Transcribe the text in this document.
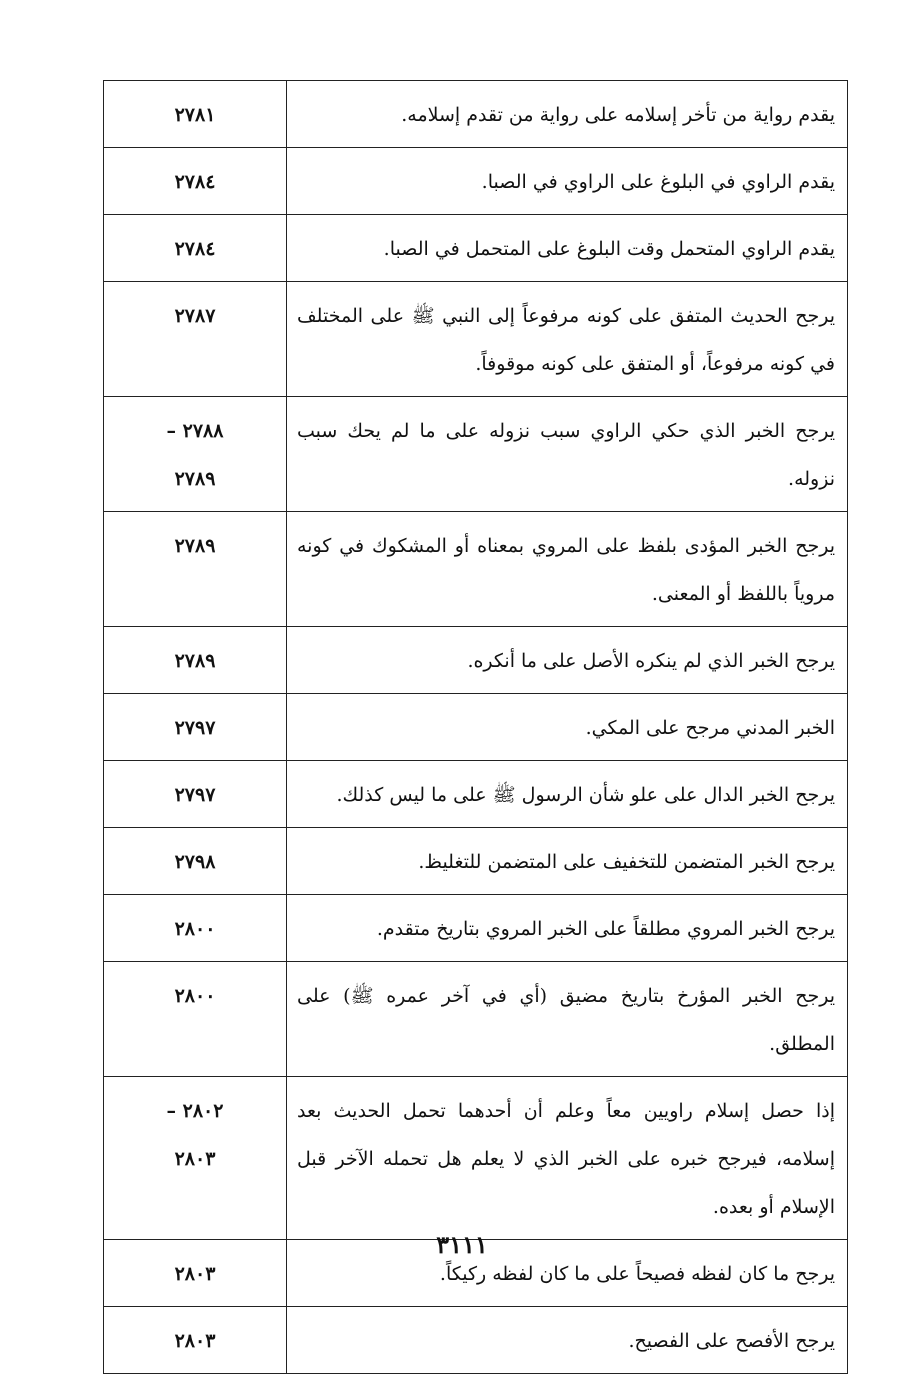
يقدم رواية من تأخر إسلامه على رواية من تقدم إسلامه.	٢٧٨١
يقدم الراوي في البلوغ على الراوي في الصبا.	٢٧٨٤
يقدم الراوي المتحمل وقت البلوغ على المتحمل في الصبا.	٢٧٨٤
يرجح الحديث المتفق على كونه مرفوعاً إلى النبي ﷺ على المختلف في كونه مرفوعاً، أو المتفق على كونه موقوفاً.	٢٧٨٧
يرجح الخبر الذي حكي الراوي سبب نزوله على ما لم يحك سبب نزوله.	٢٧٨٨ –
٢٧٨٩
يرجح الخبر المؤدى بلفظ على المروي بمعناه أو المشكوك في كونه مروياً باللفظ أو المعنى.	٢٧٨٩
يرجح الخبر الذي لم ينكره الأصل على ما أنكره.	٢٧٨٩
الخبر المدني مرجح على المكي.	٢٧٩٧
يرجح الخبر الدال على علو شأن الرسول ﷺ على ما ليس كذلك.	٢٧٩٧
يرجح الخبر المتضمن للتخفيف على المتضمن للتغليظ.	٢٧٩٨
يرجح الخبر المروي مطلقاً على الخبر المروي بتاريخ متقدم.	٢٨٠٠
يرجح الخبر المؤرخ بتاريخ مضيق (أي في آخر عمره ﷺ) على المطلق.	٢٨٠٠
إذا حصل إسلام راويين معاً وعلم أن أحدهما تحمل الحديث بعد إسلامه، فيرجح خبره على الخبر الذي لا يعلم هل تحمله الآخر قبل الإسلام أو بعده.	٢٨٠٢ –
٢٨٠٣
يرجح ما كان لفظه فصيحاً على ما كان لفظه ركيكاً.	٢٨٠٣
يرجح الأفصح على الفصيح.	٢٨٠٣
٣١١١
